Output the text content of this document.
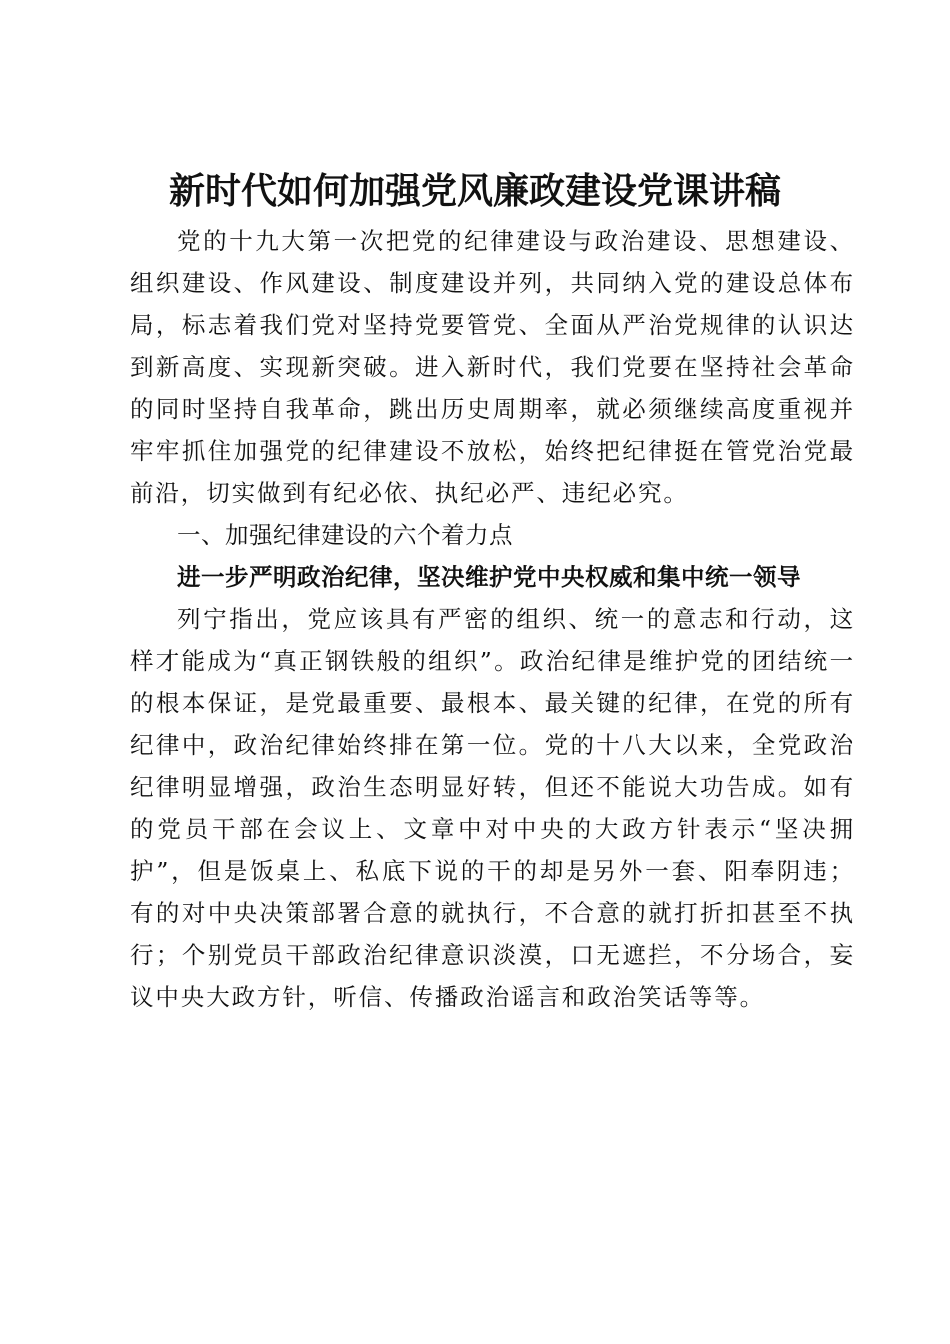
新时代如何加强党风廉政建设党课讲稿

党的十九大第一次把党的纪律建设与政治建设、思想建设、组织建设、作风建设、制度建设并列，共同纳入党的建设总体布局，标志着我们党对坚持党要管党、全面从严治党规律的认识达到新高度、实现新突破。进入新时代，我们党要在坚持社会革命的同时坚持自我革命，跳出历史周期率，就必须继续高度重视并牢牢抓住加强党的纪律建设不放松，始终把纪律挺在管党治党最前沿，切实做到有纪必依、执纪必严、违纪必究。

一、加强纪律建设的六个着力点

进一步严明政治纪律，坚决维护党中央权威和集中统一领导

列宁指出，党应该具有严密的组织、统一的意志和行动，这样才能成为“真正钢铁般的组织”。政治纪律是维护党的团结统一的根本保证，是党最重要、最根本、最关键的纪律，在党的所有纪律中，政治纪律始终排在第一位。党的十八大以来，全党政治纪律明显增强，政治生态明显好转，但还不能说大功告成。如有的党员干部在会议上、文章中对中央的大政方针表示“坚决拥护”，但是饭桌上、私底下说的干的却是另外一套、阳奉阴违；有的对中央决策部署合意的就执行，不合意的就打折扣甚至不执行；个别党员干部政治纪律意识淡漠，口无遮拦，不分场合，妄议中央大政方针，听信、传播政治谣言和政治笑话等等。
